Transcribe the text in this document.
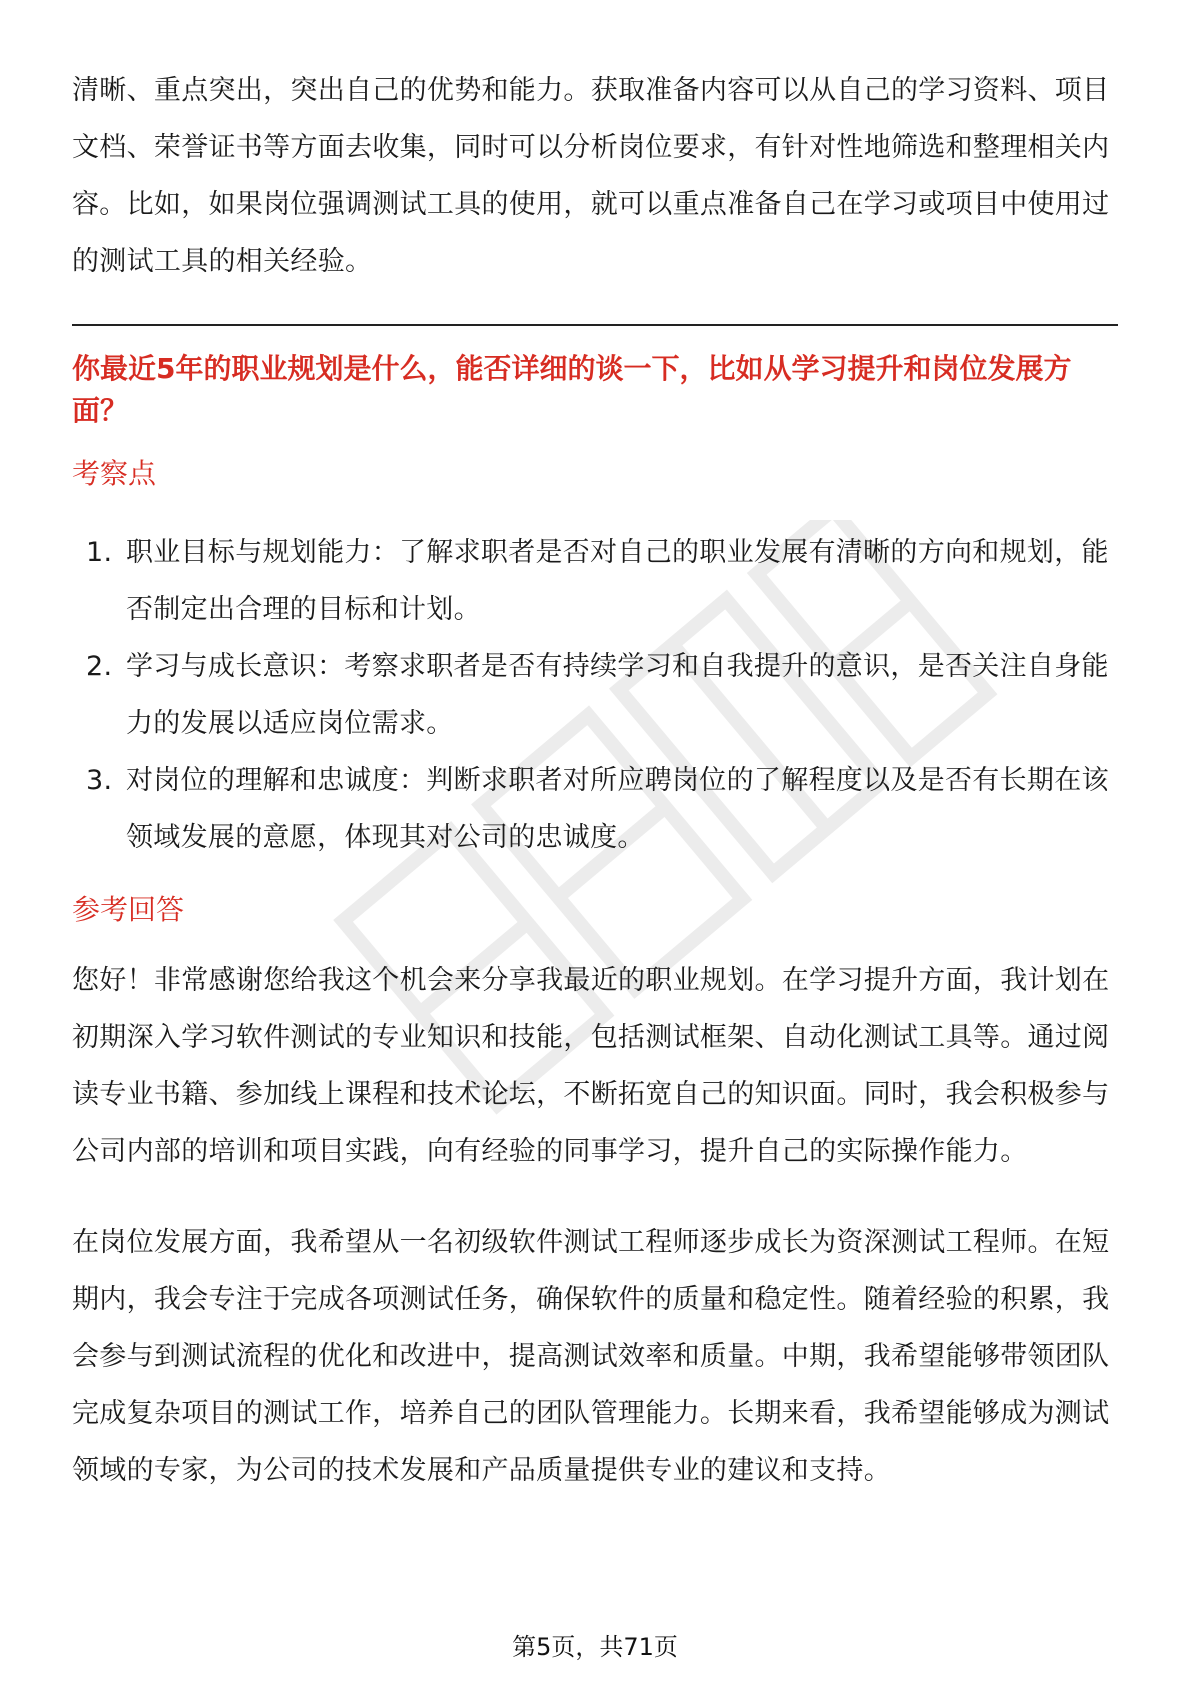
清晰、重点突出，突出自己的优势和能力。获取准备内容可以从自己的学习资料、项目文档、荣誉证书等方面去收集，同时可以分析岗位要求，有针对性地筛选和整理相关内容。比如，如果岗位强调测试工具的使用，就可以重点准备自己在学习或项目中使用过的测试工具的相关经验。

你最近5年的职业规划是什么，能否详细的谈一下，比如从学习提升和岗位发展方面？

考察点

1. 职业目标与规划能力：了解求职者是否对自己的职业发展有清晰的方向和规划，能否制定出合理的目标和计划。
2. 学习与成长意识：考察求职者是否有持续学习和自我提升的意识，是否关注自身能力的发展以适应岗位需求。
3. 对岗位的理解和忠诚度：判断求职者对所应聘岗位的了解程度以及是否有长期在该领域发展的意愿，体现其对公司的忠诚度。

参考回答

您好！非常感谢您给我这个机会来分享我最近的职业规划。在学习提升方面，我计划在初期深入学习软件测试的专业知识和技能，包括测试框架、自动化测试工具等。通过阅读专业书籍、参加线上课程和技术论坛，不断拓宽自己的知识面。同时，我会积极参与公司内部的培训和项目实践，向有经验的同事学习，提升自己的实际操作能力。

在岗位发展方面，我希望从一名初级软件测试工程师逐步成长为资深测试工程师。在短期内，我会专注于完成各项测试任务，确保软件的质量和稳定性。随着经验的积累，我会参与到测试流程的优化和改进中，提高测试效率和质量。中期，我希望能够带领团队完成复杂项目的测试工作，培养自己的团队管理能力。长期来看，我希望能够成为测试领域的专家，为公司的技术发展和产品质量提供专业的建议和支持。

第5页，共71页
